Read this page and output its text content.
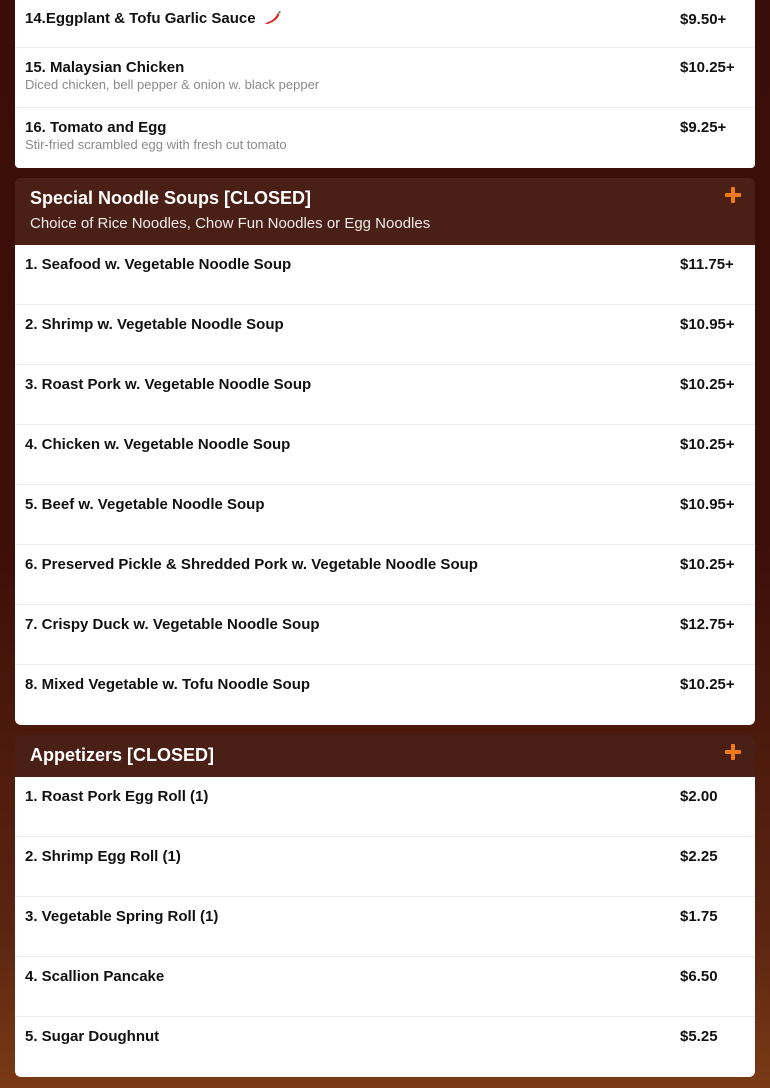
14.Eggplant & Tofu Garlic Sauce	$9.50+
15. Malaysian Chicken
Diced chicken, bell pepper & onion w. black pepper
$10.25+
16. Tomato and Egg
Stir-fried scrambled egg with fresh cut tomato
$9.25+
Special Noodle Soups [CLOSED]
Choice of Rice Noodles, Chow Fun Noodles or Egg Noodles
1. Seafood w. Vegetable Noodle Soup	$11.75+
2. Shrimp w. Vegetable Noodle Soup	$10.95+
3. Roast Pork w. Vegetable Noodle Soup	$10.25+
4. Chicken w. Vegetable Noodle Soup	$10.25+
5. Beef w. Vegetable Noodle Soup	$10.95+
6. Preserved Pickle & Shredded Pork w. Vegetable Noodle Soup	$10.25+
7. Crispy Duck w. Vegetable Noodle Soup	$12.75+
8. Mixed Vegetable w. Tofu Noodle Soup	$10.25+
Appetizers [CLOSED]
1. Roast Pork Egg Roll (1)	$2.00
2. Shrimp Egg Roll (1)	$2.25
3. Vegetable Spring Roll (1)	$1.75
4. Scallion Pancake	$6.50
5. Sugar Doughnut	$5.25
